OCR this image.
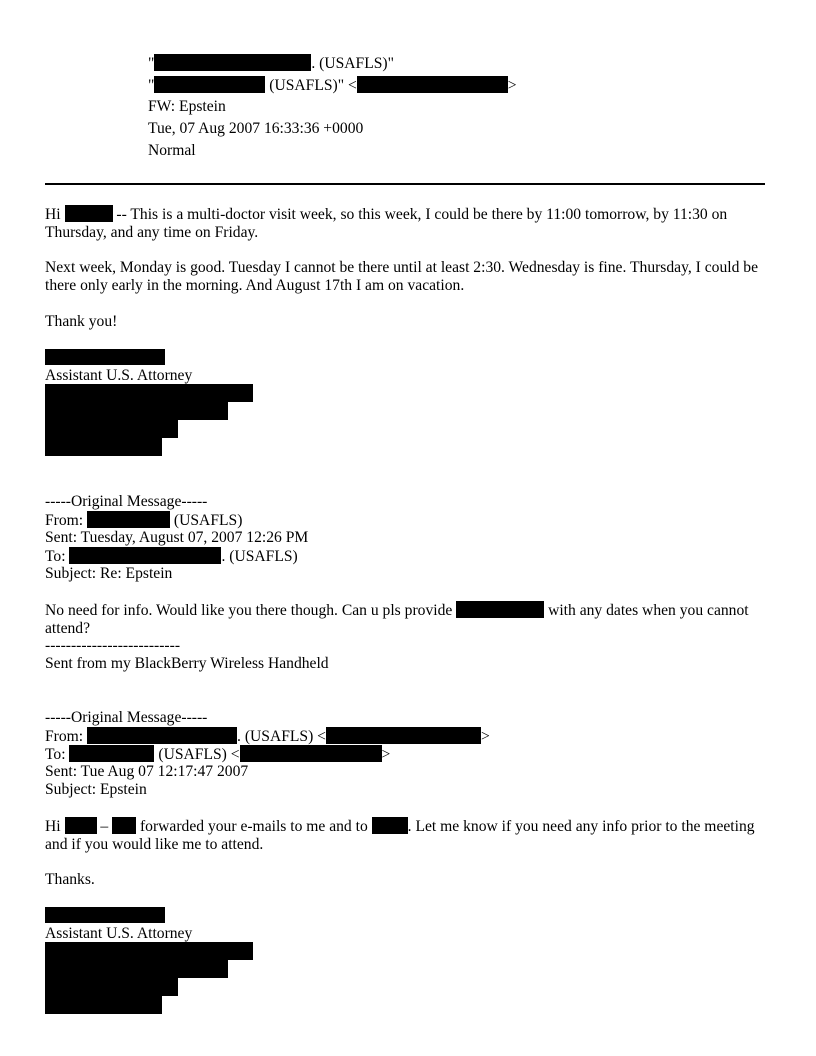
"	. (USAFLS)"
"	(USAFLS)" <	>
FW: Epstein
Tue, 07 Aug 2007 16:33:36 +0000
Normal
Hi	-- This is a multi-doctor visit week, so this week, I could be there by 11:00 tomorrow, by 11:30 on Thursday, and any time on Friday.
Next week, Monday is good. Tuesday I cannot be there until at least 2:30. Wednesday is fine. Thursday, I could be there only early in the morning. And August 17th I am on vacation.
Thank you!
Assistant U.S. Attorney
-----Original Message-----
From:	(USAFLS)
Sent: Tuesday, August 07, 2007 12:26 PM
To:	. (USAFLS)
Subject: Re: Epstein
No need for info. Would like you there though. Can u pls provide	with any dates when you cannot attend?
--------------------------
Sent from my BlackBerry Wireless Handheld
-----Original Message-----
From:	. (USAFLS) <	>
To:	(USAFLS) <	>
Sent: Tue Aug 07 12:17:47 2007
Subject: Epstein
Hi  –  forwarded your e-mails to me and to . Let me know if you need any info prior to the meeting and if you would like me to attend.
Thanks.
Assistant U.S. Attorney
